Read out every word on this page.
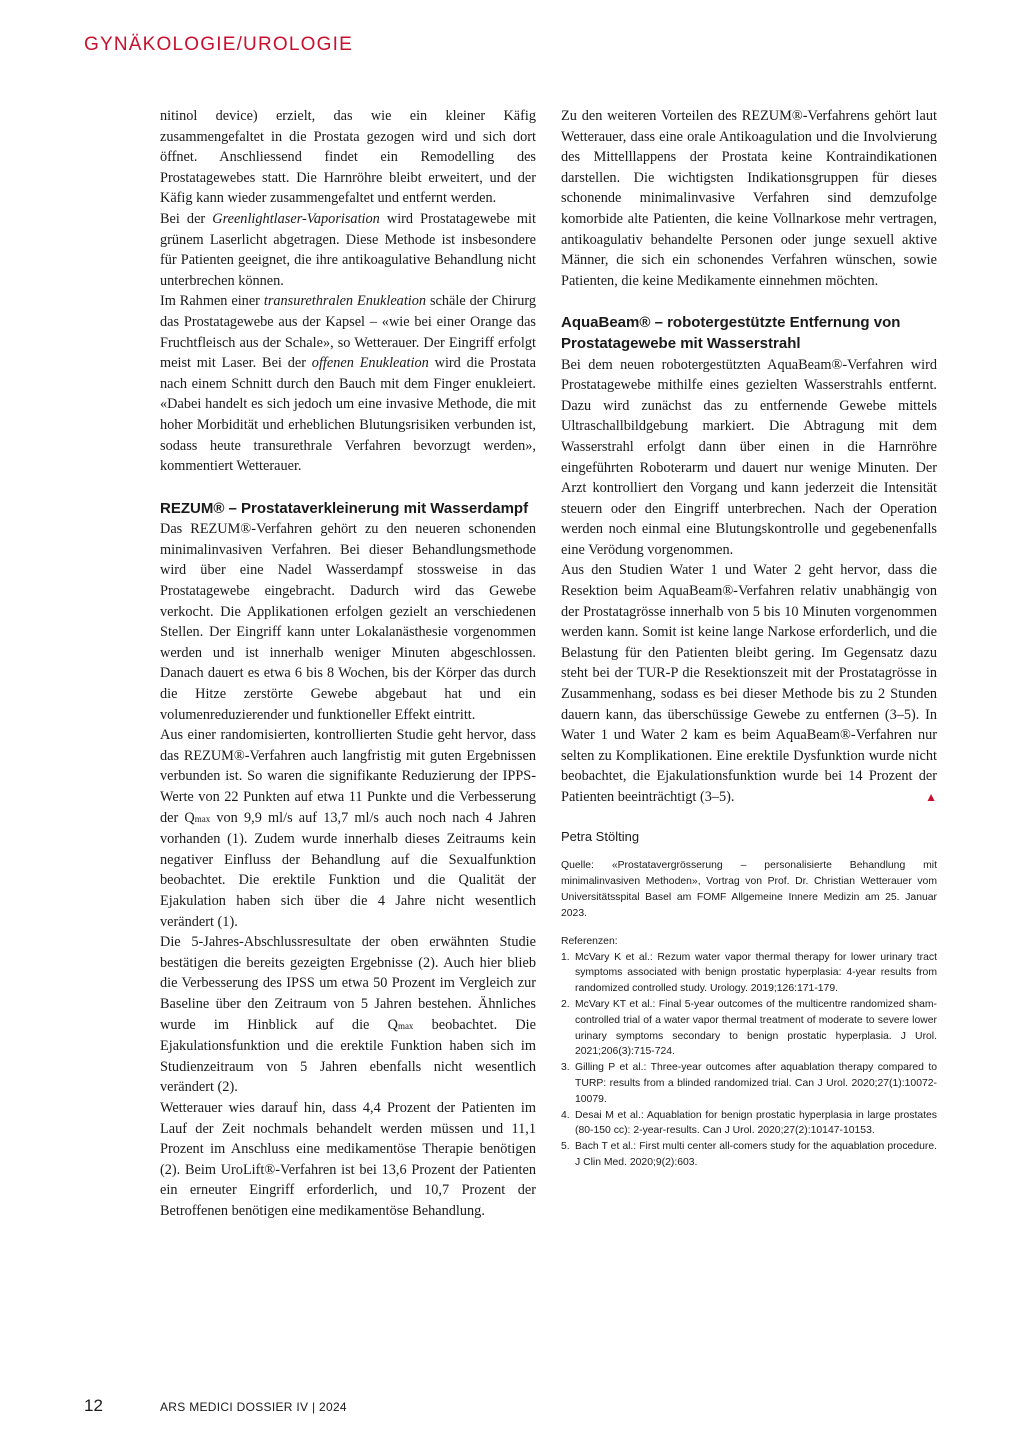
GYNÄKOLOGIE/UROLOGIE

nitinol device) erzielt, das wie ein kleiner Käfig zusammengefaltet in die Prostata gezogen wird und sich dort öffnet. Anschliessend findet ein Remodelling des Prostatagewebes statt. Die Harnröhre bleibt erweitert, und der Käfig kann wieder zusammengefaltet und entfernt werden.

Bei der Greenlightlaser-Vaporisation wird Prostatagewebe mit grünem Laserlicht abgetragen. Diese Methode ist insbesondere für Patienten geeignet, die ihre antikoagulative Behandlung nicht unterbrechen können.

Im Rahmen einer transurethralen Enukleation schäle der Chirurg das Prostatagewebe aus der Kapsel – «wie bei einer Orange das Fruchtfleisch aus der Schale», so Wetterauer. Der Eingriff erfolgt meist mit Laser. Bei der offenen Enukleation wird die Prostata nach einem Schnitt durch den Bauch mit dem Finger enukleiert. «Dabei handelt es sich jedoch um eine invasive Methode, die mit hoher Morbidität und erheblichen Blutungsrisiken verbunden ist, sodass heute transurethrale Verfahren bevorzugt werden», kommentiert Wetterauer.

REZUM® – Prostataverkleinerung mit Wasserdampf

Das REZUM®-Verfahren gehört zu den neueren schonenden minimalinvasiven Verfahren. Bei dieser Behandlungsmethode wird über eine Nadel Wasserdampf stossweise in das Prostatagewebe eingebracht. Dadurch wird das Gewebe verkocht. Die Applikationen erfolgen gezielt an verschiedenen Stellen. Der Eingriff kann unter Lokalanästhesie vorgenommen werden und ist innerhalb weniger Minuten abgeschlossen. Danach dauert es etwa 6 bis 8 Wochen, bis der Körper das durch die Hitze zerstörte Gewebe abgebaut hat und ein volumenreduzierender und funktioneller Effekt eintritt.

Aus einer randomisierten, kontrollierten Studie geht hervor, dass das REZUM®-Verfahren auch langfristig mit guten Ergebnissen verbunden ist. So waren die signifikante Reduzierung der IPPS-Werte von 22 Punkten auf etwa 11 Punkte und die Verbesserung der Qmax von 9,9 ml/s auf 13,7 ml/s auch noch nach 4 Jahren vorhanden (1). Zudem wurde innerhalb dieses Zeitraums kein negativer Einfluss der Behandlung auf die Sexualfunktion beobachtet. Die erektile Funktion und die Qualität der Ejakulation haben sich über die 4 Jahre nicht wesentlich verändert (1).

Die 5-Jahres-Abschlussresultate der oben erwähnten Studie bestätigen die bereits gezeigten Ergebnisse (2). Auch hier blieb die Verbesserung des IPSS um etwa 50 Prozent im Vergleich zur Baseline über den Zeitraum von 5 Jahren bestehen. Ähnliches wurde im Hinblick auf die Qmax beobachtet. Die Ejakulationsfunktion und die erektile Funktion haben sich im Studienzeitraum von 5 Jahren ebenfalls nicht wesentlich verändert (2).

Wetterauer wies darauf hin, dass 4,4 Prozent der Patienten im Lauf der Zeit nochmals behandelt werden müssen und 11,1 Prozent im Anschluss eine medikamentöse Therapie benötigen (2). Beim UroLift®-Verfahren ist bei 13,6 Prozent der Patienten ein erneuter Eingriff erforderlich, und 10,7 Prozent der Betroffenen benötigen eine medikamentöse Behandlung.

Zu den weiteren Vorteilen des REZUM®-Verfahrens gehört laut Wetterauer, dass eine orale Antikoagulation und die Involvierung des Mittelllappens der Prostata keine Kontraindikationen darstellen. Die wichtigsten Indikationsgruppen für dieses schonende minimalinvasive Verfahren sind demzufolge komorbide alte Patienten, die keine Vollnarkose mehr vertragen, antikoagulativ behandelte Personen oder junge sexuell aktive Männer, die sich ein schonendes Verfahren wünschen, sowie Patienten, die keine Medikamente einnehmen möchten.

AquaBeam® – robotergestützte Entfernung von Prostatagewebe mit Wasserstrahl

Bei dem neuen robotergestützten AquaBeam®-Verfahren wird Prostatagewebe mithilfe eines gezielten Wasserstrahls entfernt. Dazu wird zunächst das zu entfernende Gewebe mittels Ultraschallbildgebung markiert. Die Abtragung mit dem Wasserstrahl erfolgt dann über einen in die Harnröhre eingeführten Roboterarm und dauert nur wenige Minuten. Der Arzt kontrolliert den Vorgang und kann jederzeit die Intensität steuern oder den Eingriff unterbrechen. Nach der Operation werden noch einmal eine Blutungskontrolle und gegebenenfalls eine Verödung vorgenommen.

Aus den Studien Water 1 und Water 2 geht hervor, dass die Resektion beim AquaBeam®-Verfahren relativ unabhängig von der Prostatagrösse innerhalb von 5 bis 10 Minuten vorgenommen werden kann. Somit ist keine lange Narkose erforderlich, und die Belastung für den Patienten bleibt gering. Im Gegensatz dazu steht bei der TUR-P die Resektionszeit mit der Prostatagrösse in Zusammenhang, sodass es bei dieser Methode bis zu 2 Stunden dauern kann, das überschüssige Gewebe zu entfernen (3–5). In Water 1 und Water 2 kam es beim AquaBeam®-Verfahren nur selten zu Komplikationen. Eine erektile Dysfunktion wurde nicht beobachtet, die Ejakulationsfunktion wurde bei 14 Prozent der Patienten beeinträchtigt (3–5).	▲

Petra Stölting

Quelle: «Prostatavergrösserung – personalisierte Behandlung mit minimalinvasiven Methoden», Vortrag von Prof. Dr. Christian Wetterauer vom Universitätsspital Basel am FOMF Allgemeine Innere Medizin am 25. Januar 2023.

Referenzen:

1. McVary K et al.: Rezum water vapor thermal therapy for lower urinary tract symptoms associated with benign prostatic hyperplasia: 4-year results from randomized controlled study. Urology. 2019;126:171-179.
2. McVary KT et al.: Final 5-year outcomes of the multicentre randomized sham-controlled trial of a water vapor thermal treatment of moderate to severe lower urinary symptoms secondary to benign prostatic hyperplasia. J Urol. 2021;206(3):715-724.
3. Gilling P et al.: Three-year outcomes after aquablation therapy compared to TURP: results from a blinded randomized trial. Can J Urol. 2020;27(1):10072-10079.
4. Desai M et al.: Aquablation for benign prostatic hyperplasia in large prostates (80-150 cc): 2-year-results. Can J Urol. 2020;27(2):10147-10153.
5. Bach T et al.: First multi center all-comers study for the aquablation procedure. J Clin Med. 2020;9(2):603.
12	ARS MEDICI DOSSIER IV | 2024
